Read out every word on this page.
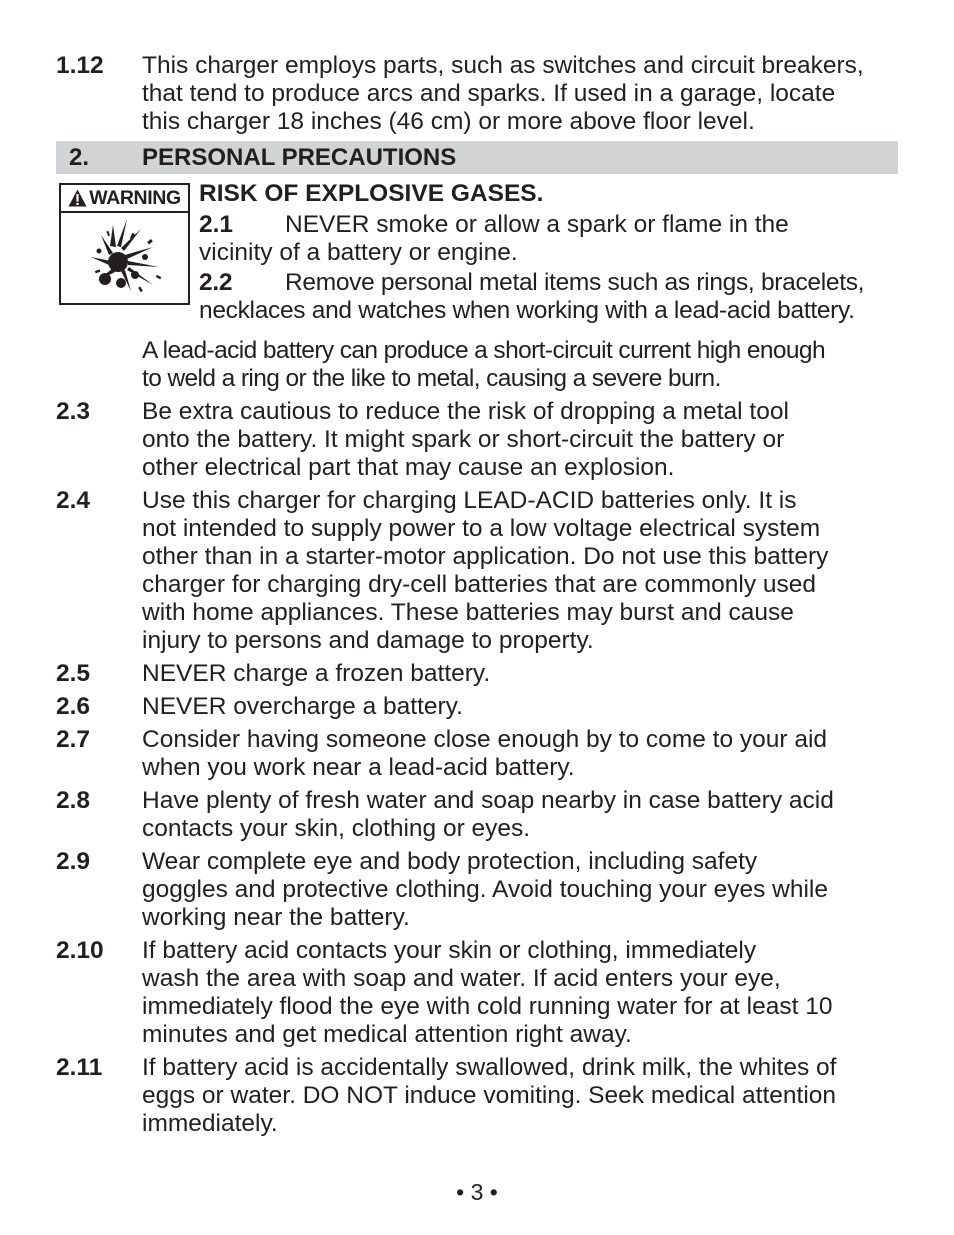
1.12	This charger employs parts, such as switches and circuit breakers,
that tend to produce arcs and sparks. If used in a garage, locate
this charger 18 inches (46 cm) or more above floor level.
2.	PERSONAL PRECAUTIONS
WARNING RISK OF EXPLOSIVE GASES.
2.1 NEVER smoke or allow a spark or flame in the
vicinity of a battery or engine.
2.2 Remove personal metal items such as rings, bracelets,
necklaces and watches when working with a lead-acid battery.
A lead-acid battery can produce a short-circuit current high enough
to weld a ring or the like to metal, causing a severe burn.
2.3	Be extra cautious to reduce the risk of dropping a metal tool
onto the battery. It might spark or short-circuit the battery or
other electrical part that may cause an explosion.
2.4	Use this charger for charging LEAD-ACID batteries only. It is
not intended to supply power to a low voltage electrical system
other than in a starter-motor application. Do not use this battery
charger for charging dry-cell batteries that are commonly used
with home appliances. These batteries may burst and cause
injury to persons and damage to property.
2.5	NEVER charge a frozen battery.
2.6	NEVER overcharge a battery.
2.7	Consider having someone close enough by to come to your aid
when you work near a lead-acid battery.
2.8	Have plenty of fresh water and soap nearby in case battery acid
contacts your skin, clothing or eyes.
2.9	Wear complete eye and body protection, including safety
goggles and protective clothing. Avoid touching your eyes while
working near the battery.
2.10	If battery acid contacts your skin or clothing, immediately
wash the area with soap and water. If acid enters your eye,
immediately flood the eye with cold running water for at least 10
minutes and get medical attention right away.
2.11	If battery acid is accidentally swallowed, drink milk, the whites of
eggs or water. DO NOT induce vomiting. Seek medical attention
immediately.
• 3 •
